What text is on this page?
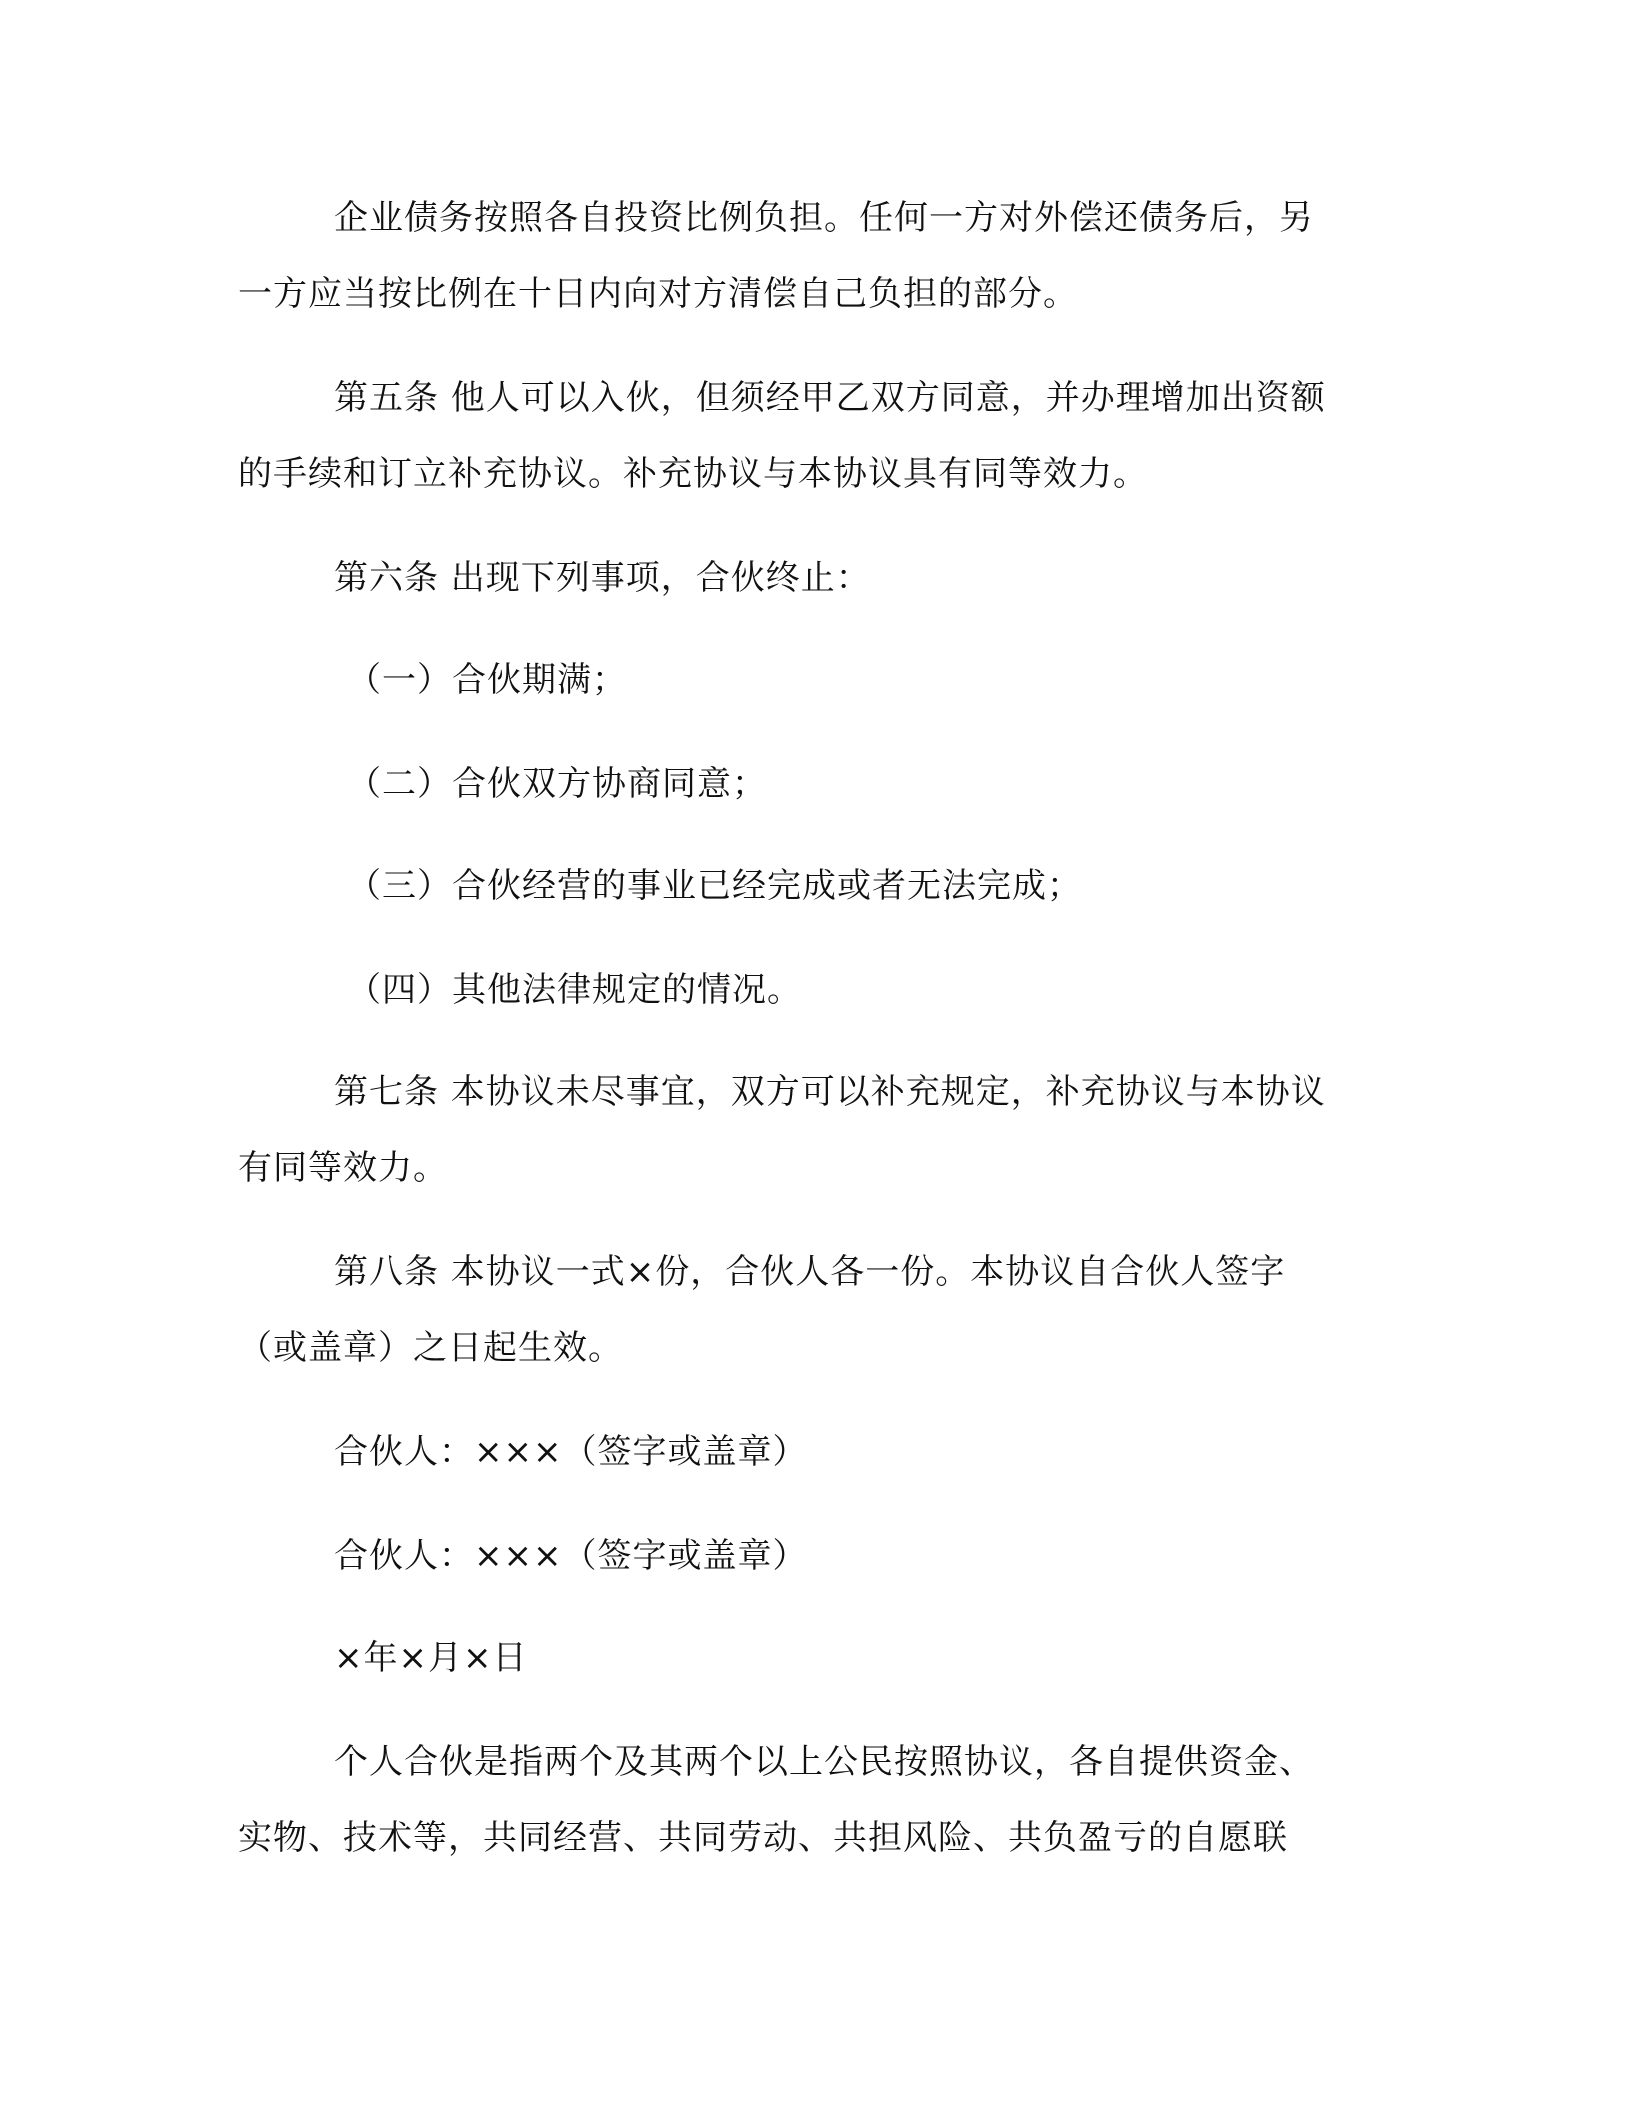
企业债务按照各自投资比例负担。任何一方对外偿还债务后，另
一方应当按比例在十日内向对方清偿自己负担的部分。
第五条 他人可以入伙，但须经甲乙双方同意，并办理增加出资额
的手续和订立补充协议。补充协议与本协议具有同等效力。
第六条 出现下列事项，合伙终止：
（一）合伙期满；
（二）合伙双方协商同意；
（三）合伙经营的事业已经完成或者无法完成；
（四）其他法律规定的情况。
第七条 本协议未尽事宜，双方可以补充规定，补充协议与本协议
有同等效力。
第八条 本协议一式×份，合伙人各一份。本协议自合伙人签字
（或盖章）之日起生效。
合伙人：×××（签字或盖章）
合伙人：×××（签字或盖章）
×年×月×日
个人合伙是指两个及其两个以上公民按照协议，各自提供资金、
实物、技术等，共同经营、共同劳动、共担风险、共负盈亏的自愿联
